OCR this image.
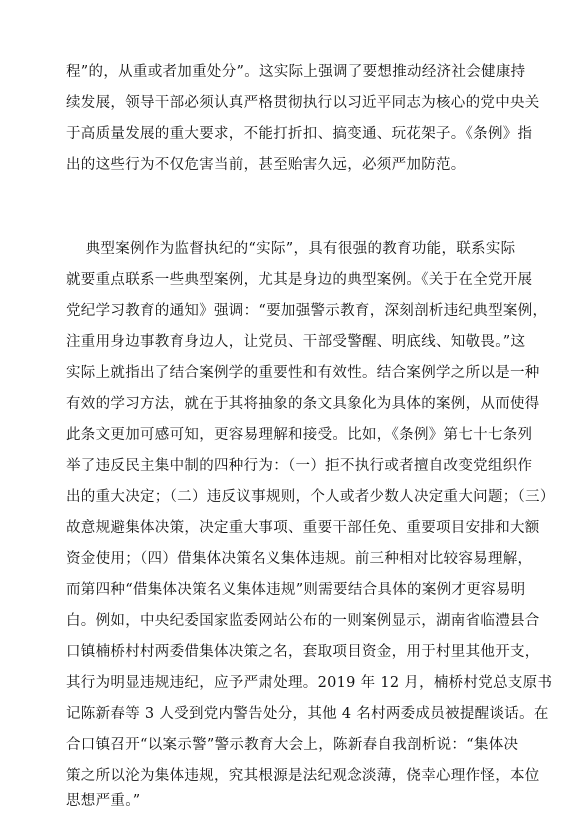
程”的，从重或者加重处分”。这实际上强调了要想推动经济社会健康持
续发展，领导干部必须认真严格贯彻执行以习近平同志为核心的党中央关
于高质量发展的重大要求，不能打折扣、搞变通、玩花架子。《条例》指
出的这些行为不仅危害当前，甚至贻害久远，必须严加防范。
典型案例作为监督执纪的“实际”，具有很强的教育功能，联系实际
就要重点联系一些典型案例，尤其是身边的典型案例。《关于在全党开展
党纪学习教育的通知》强调：“要加强警示教育，深刻剖析违纪典型案例，
注重用身边事教育身边人，让党员、干部受警醒、明底线、知敬畏。”这
实际上就指出了结合案例学的重要性和有效性。结合案例学之所以是一种
有效的学习方法，就在于其将抽象的条文具象化为具体的案例，从而使得
此条文更加可感可知，更容易理解和接受。比如，《条例》第七十七条列
举了违反民主集中制的四种行为：（一）拒不执行或者擅自改变党组织作
出的重大决定；（二）违反议事规则，个人或者少数人决定重大问题；（三）
故意规避集体决策，决定重大事项、重要干部任免、重要项目安排和大额
资金使用；（四）借集体决策名义集体违规。前三种相对比较容易理解，
而第四种“借集体决策名义集体违规”则需要结合具体的案例才更容易明
白。例如，中央纪委国家监委网站公布的一则案例显示，湖南省临澧县合
口镇楠桥村村两委借集体决策之名，套取项目资金，用于村里其他开支，
其行为明显违规违纪，应予严肃处理。2019 年 12 月，楠桥村党总支原书
记陈新春等 3 人受到党内警告处分，其他 4 名村两委成员被提醒谈话。在
合口镇召开“以案示警”警示教育大会上，陈新春自我剖析说：“集体决
策之所以沦为集体违规，究其根源是法纪观念淡薄，侥幸心理作怪，本位
思想严重。”
